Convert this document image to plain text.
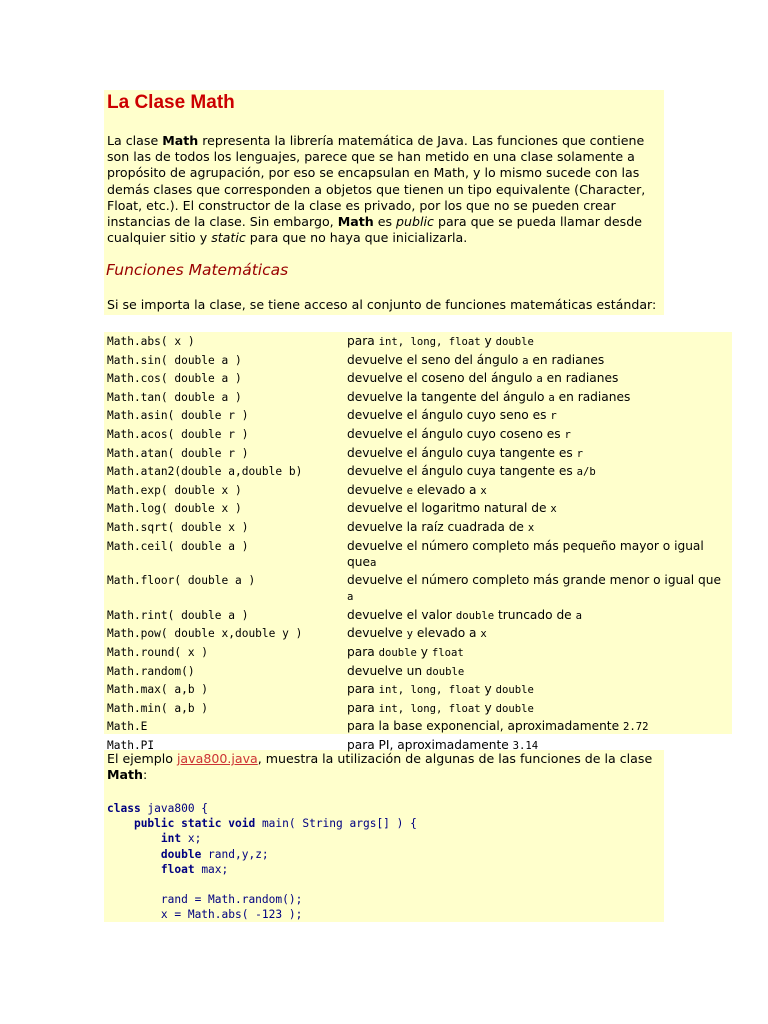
La Clase Math

La clase Math representa la librería matemática de Java. Las funciones que contiene son las de todos los lenguajes, parece que se han metido en una clase solamente a propósito de agrupación, por eso se encapsulan en Math, y lo mismo sucede con las demás clases que corresponden a objetos que tienen un tipo equivalente (Character, Float, etc.). El constructor de la clase es privado, por los que no se pueden crear instancias de la clase. Sin embargo, Math es public para que se pueda llamar desde cualquier sitio y static para que no haya que inicializarla.

Funciones Matemáticas

Si se importa la clase, se tiene acceso al conjunto de funciones matemáticas estándar:

Math.abs( x )	para int, long, float y double
Math.sin( double a )	devuelve el seno del ángulo a en radianes
Math.cos( double a )	devuelve el coseno del ángulo a en radianes
Math.tan( double a )	devuelve la tangente del ángulo a en radianes
Math.asin( double r )	devuelve el ángulo cuyo seno es r
Math.acos( double r )	devuelve el ángulo cuyo coseno es r
Math.atan( double r )	devuelve el ángulo cuya tangente es r
Math.atan2(double a,double b)	devuelve el ángulo cuya tangente es a/b
Math.exp( double x )	devuelve e elevado a x
Math.log( double x )	devuelve el logaritmo natural de x
Math.sqrt( double x )	devuelve la raíz cuadrada de x
Math.ceil( double a )	devuelve el número completo más pequeño mayor o igual quea
Math.floor( double a )	devuelve el número completo más grande menor o igual que a
Math.rint( double a )	devuelve el valor double truncado de a
Math.pow( double x,double y )	devuelve y elevado a x
Math.round( x )	para double y float
Math.random()	devuelve un double
Math.max( a,b )	para int, long, float y double
Math.min( a,b )	para int, long, float y double
Math.E	para la base exponencial, aproximadamente 2.72
Math.PI	para PI, aproximadamente 3.14

El ejemplo java800.java, muestra la utilización de algunas de las funciones de la clase Math:

class java800 {
public static void main( String args[] ) {
int x;
double rand,y,z;
float max;

rand = Math.random();
x = Math.abs( -123 );
